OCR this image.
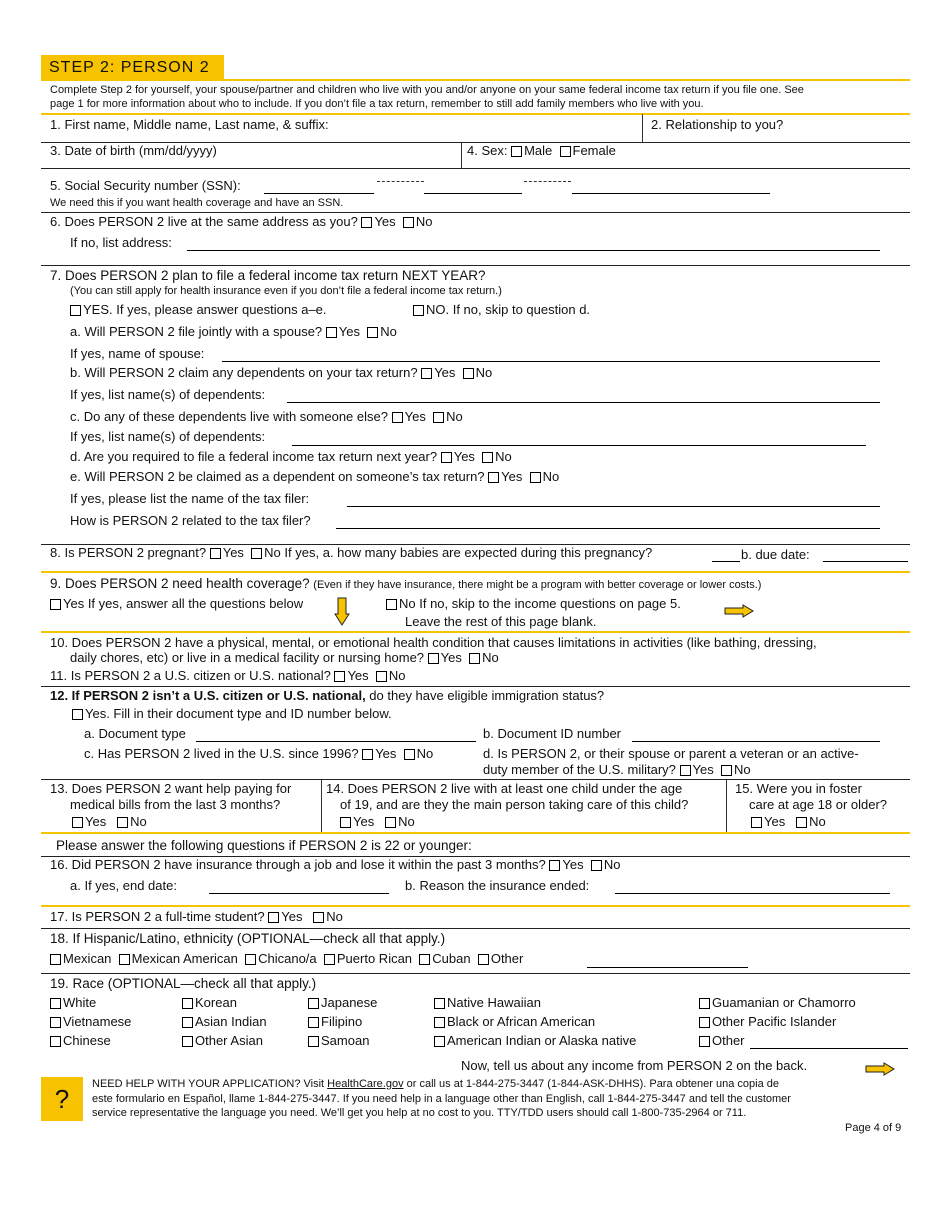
STEP 2: PERSON 2
Complete Step 2 for yourself, your spouse/partner and children who live with you and/or anyone on your same federal income tax return if you file one. See
page 1 for more information about who to include. If you don’t file a tax return, remember to still add family members who live with you.
1. First name, Middle name, Last name, & suffix:	2. Relationship to you?
3. Date of birth (mm/dd/yyyy)	4. Sex: Male Female
5. Social Security number (SSN):
We need this if you want health coverage and have an SSN.
6. Does PERSON 2 live at the same address as you? Yes No
If no, list address:
7. Does PERSON 2 plan to file a federal income tax return NEXT YEAR?
(You can still apply for health insurance even if you don’t file a federal income tax return.)
YES. If yes, please answer questions a–e.	NO. If no, skip to question d.
a. Will PERSON 2 file jointly with a spouse? Yes No
If yes, name of spouse:
b. Will PERSON 2 claim any dependents on your tax return? Yes No
If yes, list name(s) of dependents:
c. Do any of these dependents live with someone else? Yes No
If yes, list name(s) of dependents:
d. Are you required to file a federal income tax return next year? Yes No
e. Will PERSON 2 be claimed as a dependent on someone’s tax return? Yes No
If yes, please list the name of the tax filer:
How is PERSON 2 related to the tax filer?
8. Is PERSON 2 pregnant? Yes No If yes, a. how many babies are expected during this pregnancy?	b. due date:
9. Does PERSON 2 need health coverage? (Even if they have insurance, there might be a program with better coverage or lower costs.)
Yes If yes, answer all the questions below	No If no, skip to the income questions on page 5.
Leave the rest of this page blank.
10. Does PERSON 2 have a physical, mental, or emotional health condition that causes limitations in activities (like bathing, dressing,
daily chores, etc) or live in a medical facility or nursing home? Yes No
11. Is PERSON 2 a U.S. citizen or U.S. national? Yes No
12. If PERSON 2 isn’t a U.S. citizen or U.S. national, do they have eligible immigration status?
Yes. Fill in their document type and ID number below.
a. Document type	b. Document ID number
c. Has PERSON 2 lived in the U.S. since 1996? Yes No	d. Is PERSON 2, or their spouse or parent a veteran or an active-
duty member of the U.S. military? Yes No
13. Does PERSON 2 want help paying for
medical bills from the last 3 months?
Yes No
14. Does PERSON 2 live with at least one child under the age
of 19, and are they the main person taking care of this child?
Yes No
15. Were you in foster
care at age 18 or older?
Yes No
Please answer the following questions if PERSON 2 is 22 or younger:
16. Did PERSON 2 have insurance through a job and lose it within the past 3 months? Yes No
a. If yes, end date:	b. Reason the insurance ended:
17. Is PERSON 2 a full-time student? Yes No
18. If Hispanic/Latino, ethnicity (OPTIONAL—check all that apply.)
Mexican Mexican American Chicano/a Puerto Rican Cuban Other
19. Race (OPTIONAL—check all that apply.)
White	Korean	Japanese	Native Hawaiian	Guamanian or Chamorro
Vietnamese	Asian Indian	Filipino	Black or African American	Other Pacific Islander
Chinese	Other Asian	Samoan	American Indian or Alaska native	Other
Now, tell us about any income from PERSON 2 on the back.
?	NEED HELP WITH YOUR APPLICATION? Visit HealthCare.gov or call us at 1-844-275-3447 (1-844-ASK-DHHS). Para obtener una copia de
este formulario en Español, llame 1-844-275-3447. If you need help in a language other than English, call 1-844-275-3447 and tell the customer
service representative the language you need. We’ll get you help at no cost to you. TTY/TDD users should call 1-800-735-2964 or 711.
Page 4 of 9
